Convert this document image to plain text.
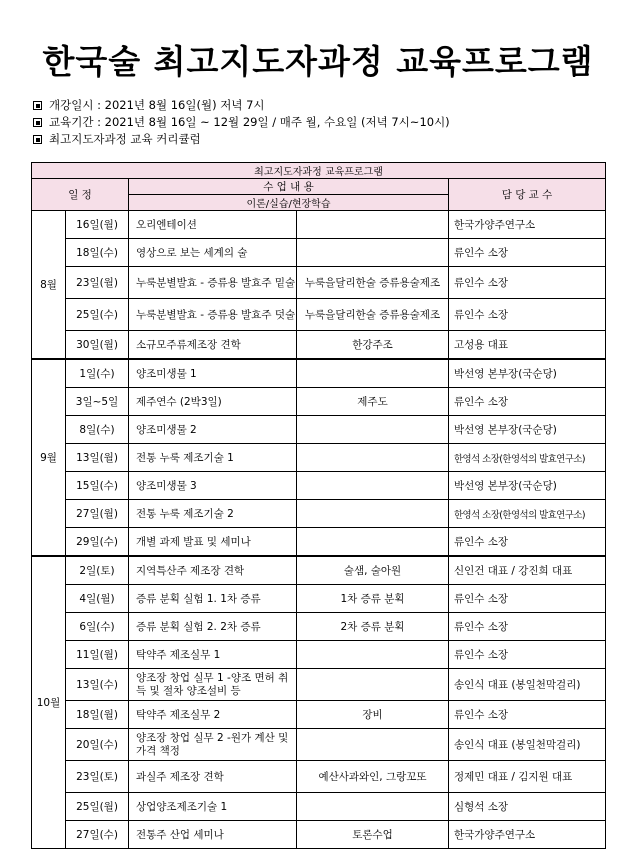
한국술 최고지도자과정 교육프로그램
개강일시 : 2021년 8월 16일(월) 저녁 7시
교육기간 : 2021년 8월 16일 ~ 12월 29일 / 매주 월, 수요일 (저녁 7시~10시)
최고지도자과정 교육 커리큘럼
최고지도자과정 교육프로그램				
일 정		수 업 내 용		담 당 교 수
		이론/실습/현장학습		
8월	16일(월)	오리엔테이션		한국가양주연구소
	18일(수)	영상으로 보는 세계의 술		류인수 소장
	23일(월)	누룩분별발효 - 증류용 발효주 밑술	누룩을달리한술 증류용술제조	류인수 소장
	25일(수)	누룩분별발효 - 증류용 발효주 덧술	누룩을달리한술 증류용술제조	류인수 소장
	30일(월)	소규모주류제조장 견학	한강주조	고성용 대표
9월	1일(수)	양조미생물 1		박선영 본부장(국순당)
	3일~5일	제주연수 (2박3일)	제주도	류인수 소장
	8일(수)	양조미생물 2		박선영 본부장(국순당)
	13일(월)	전통 누룩 제조기술 1		한영석 소장(한영석의 발효연구소)
	15일(수)	양조미생물 3		박선영 본부장(국순당)
	27일(월)	전통 누룩 제조기술 2		한영석 소장(한영석의 발효연구소)
	29일(수)	개별 과제 발표 및 세미나		류인수 소장
10월	2일(토)	지역특산주 제조장 견학	술샘, 술아원	신인건 대표 / 강진희 대표
	4일(월)	증류 분획 실험 1. 1차 증류	1차 증류 분획	류인수 소장
	6일(수)	증류 분획 실험 2. 2차 증류	2차 증류 분획	류인수 소장
	11일(월)	탁약주 제조실무 1		류인수 소장
	13일(수)	양조장 창업 실무 1 -양조 면허 취득 및 절차 양조설비 등		송인식 대표 (봉일천막걸리)
	18일(월)	탁약주 제조실무 2	장비	류인수 소장
	20일(수)	양조장 창업 실무 2 -원가 계산 및 가격 책정		송인식 대표 (봉일천막걸리)
	23일(토)	과실주 제조장 견학	예산사과와인, 그랑꼬또	정제민 대표 / 김지원 대표
	25일(월)	상업양조제조기술 1		심형석 소장
	27일(수)	전통주 산업 세미나	토론수업	한국가양주연구소
